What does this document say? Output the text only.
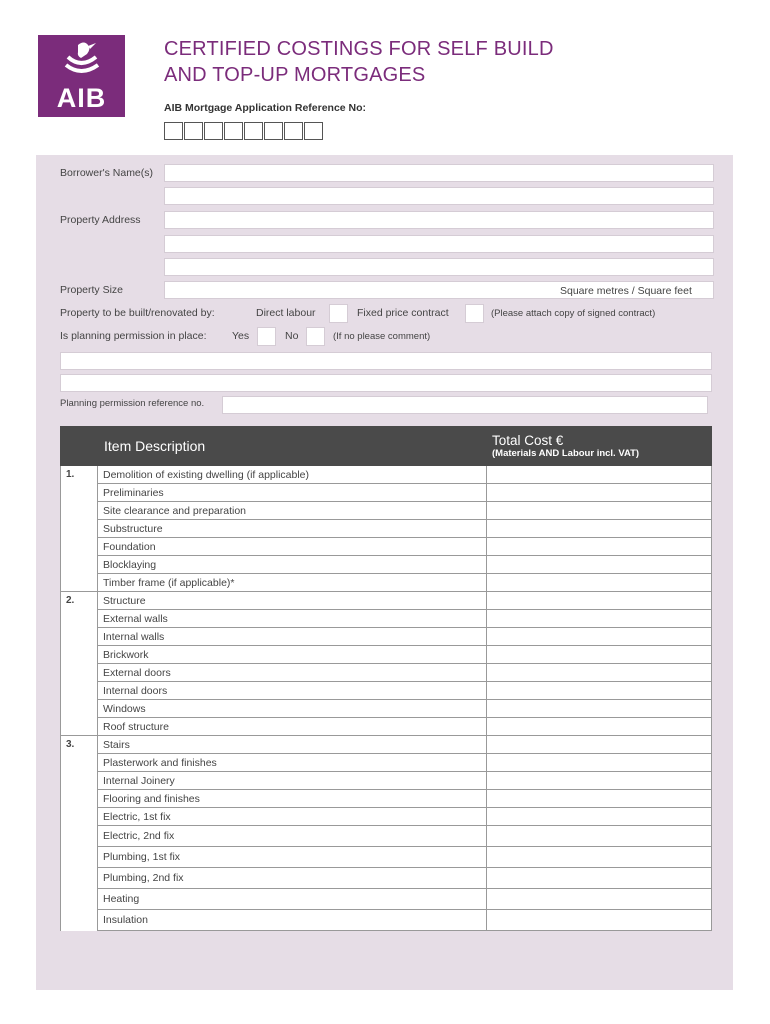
AIB
CERTIFIED COSTINGS FOR SELF BUILD
AND TOP-UP MORTGAGES
AIB Mortgage Application Reference No:
Borrower's Name(s)
Property Address
Property Size	Square metres / Square feet
Property to be built/renovated by:	Direct labour	Fixed price contract	(Please attach copy of signed contract)
Is planning permission in place: Yes	No	(If no please comment)
Planning permission reference no.
	Item Description	Total Cost €
(Materials AND Labour incl. VAT)

1.	Demolition of existing dwelling (if applicable)	
	Preliminaries	
	Site clearance and preparation	
	Substructure	
	Foundation	
	Blocklaying	
	Timber frame (if applicable)*	
2.	Structure	
	External walls	
	Internal walls	
	Brickwork	
	External doors	
	Internal doors	
	Windows	
	Roof structure	
3.	Stairs	
	Plasterwork and finishes	
	Internal Joinery	
	Flooring and finishes	
	Electric, 1st fix	
	Electric, 2nd fix	
	Plumbing, 1st fix	
	Plumbing, 2nd fix	
	Heating	
	Insulation	
